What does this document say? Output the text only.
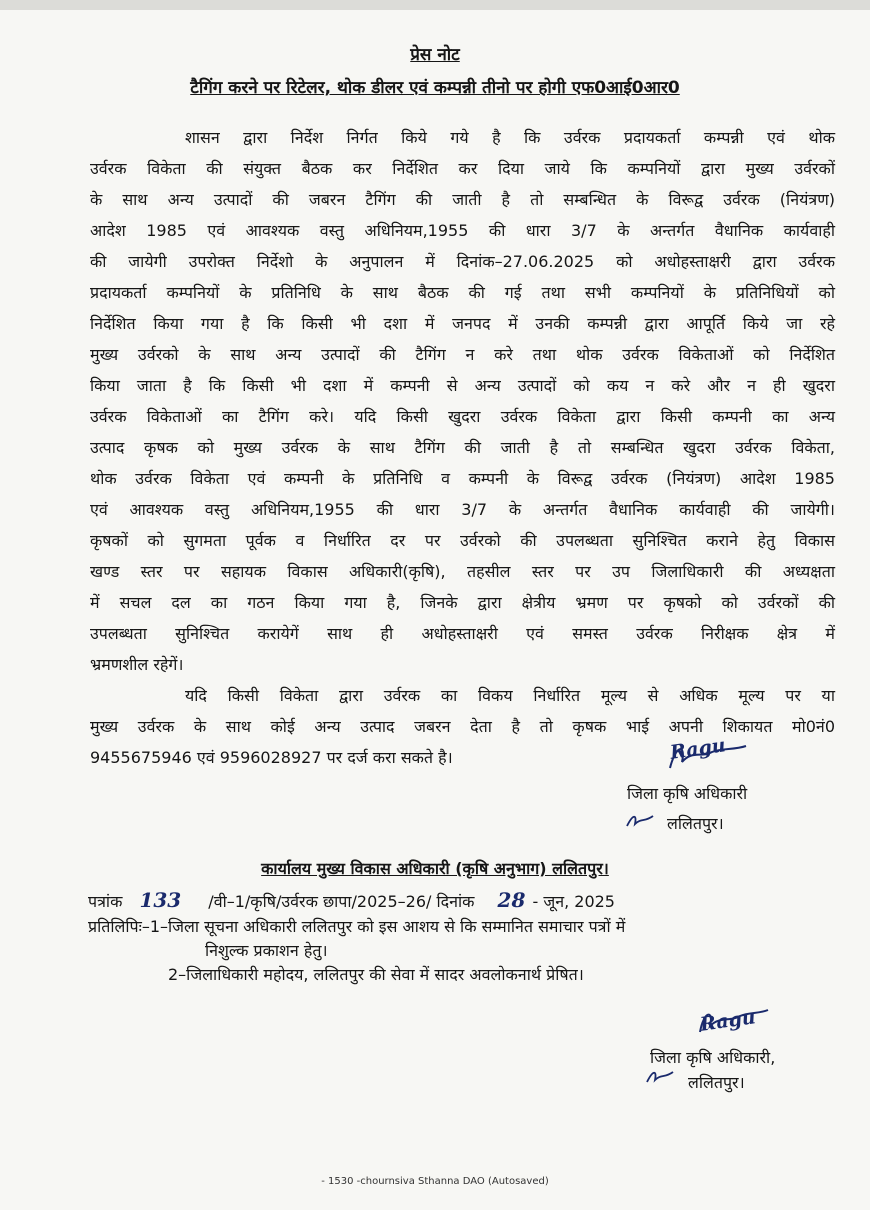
प्रेस नोट
टैगिंग करने पर रिटेलर, थोक डीलर एवं कम्पन्नी तीनो पर होगी एफ0आई0आर0
शासन द्वारा निर्देश निर्गत किये गये है कि उर्वरक प्रदायकर्ता कम्पन्नी एवं थोक
उर्वरक विकेता की संयुक्त बैठक कर निर्देशित कर दिया जाये कि कम्पनियों द्वारा मुख्य उर्वरकों
के साथ अन्य उत्पादों की जबरन टैगिंग की जाती है तो सम्बन्धित के विरूद्व उर्वरक (नियंत्रण)
आदेश 1985 एवं आवश्यक वस्तु अधिनियम,1955 की धारा 3/7 के अन्तर्गत वैधानिक कार्यवाही
की जायेगी उपरोक्त निर्देशो के अनुपालन में दिनांक–27.06.2025 को अधोहस्ताक्षरी द्वारा उर्वरक
प्रदायकर्ता कम्पनियों के प्रतिनिधि के साथ बैठक की गई तथा सभी कम्पनियों के प्रतिनिधियों को
निर्देशित किया गया है कि किसी भी दशा में जनपद में उनकी कम्पन्नी द्वारा आपूर्ति किये जा रहे
मुख्य उर्वरको के साथ अन्य उत्पादों की टैगिंग न करे तथा थोक उर्वरक विकेताओं को निर्देशित
किया जाता है कि किसी भी दशा में कम्पनी से अन्य उत्पादों को कय न करे और न ही खुदरा
उर्वरक विकेताओं का टैगिंग करे। यदि किसी खुदरा उर्वरक विकेता द्वारा किसी कम्पनी का अन्य
उत्पाद कृषक को मुख्य उर्वरक के साथ टैगिंग की जाती है तो सम्बन्धित खुदरा उर्वरक विकेता,
थोक उर्वरक विकेता एवं कम्पनी के प्रतिनिधि व कम्पनी के विरूद्व उर्वरक (नियंत्रण) आदेश 1985
एवं आवश्यक वस्तु अधिनियम,1955 की धारा 3/7 के अन्तर्गत वैधानिक कार्यवाही की जायेगी।
कृषकों को सुगमता पूर्वक व निर्धारित दर पर उर्वरको की उपलब्धता सुनिश्चित कराने हेतु विकास
खण्ड स्तर पर सहायक विकास अधिकारी(कृषि), तहसील स्तर पर उप जिलाधिकारी की अध्यक्षता
में सचल दल का गठन किया गया है, जिनके द्वारा क्षेत्रीय भ्रमण पर कृषको को उर्वरकों की
उपलब्धता सुनिश्चित करायेगें साथ ही अधोहस्ताक्षरी एवं समस्त उर्वरक निरीक्षक क्षेत्र में
भ्रमणशील रहेगें।
यदि किसी विकेता द्वारा उर्वरक का विकय निर्धारित मूल्य से अधिक मूल्य पर या
मुख्य उर्वरक के साथ कोई अन्य उत्पाद जबरन देता है तो कृषक भाई अपनी शिकायत मो0नं0
9455675946 एवं 9596028927 पर दर्ज करा सकते है।	Ragu
जिला कृषि अधिकारी
ललितपुर।
कार्यालय मुख्य विकास अधिकारी (कृषि अनुभाग) ललितपुर।
पत्रांक 133 /वी–1/कृषि/उर्वरक छापा/2025–26/ दिनांक 28 - जून, 2025
प्रतिलिपिः–1–जिला सूचना अधिकारी ललितपुर को इस आशय से कि सम्मानित समाचार पत्रों में
निशुल्क प्रकाशन हेतु।
2–जिलाधिकारी महोदय, ललितपुर की सेवा में सादर अवलोकनार्थ प्रेषित।
Ragu
जिला कृषि अधिकारी,
ललितपुर।
- 1530 -chournsiva Sthanna DAO (Autosaved)
